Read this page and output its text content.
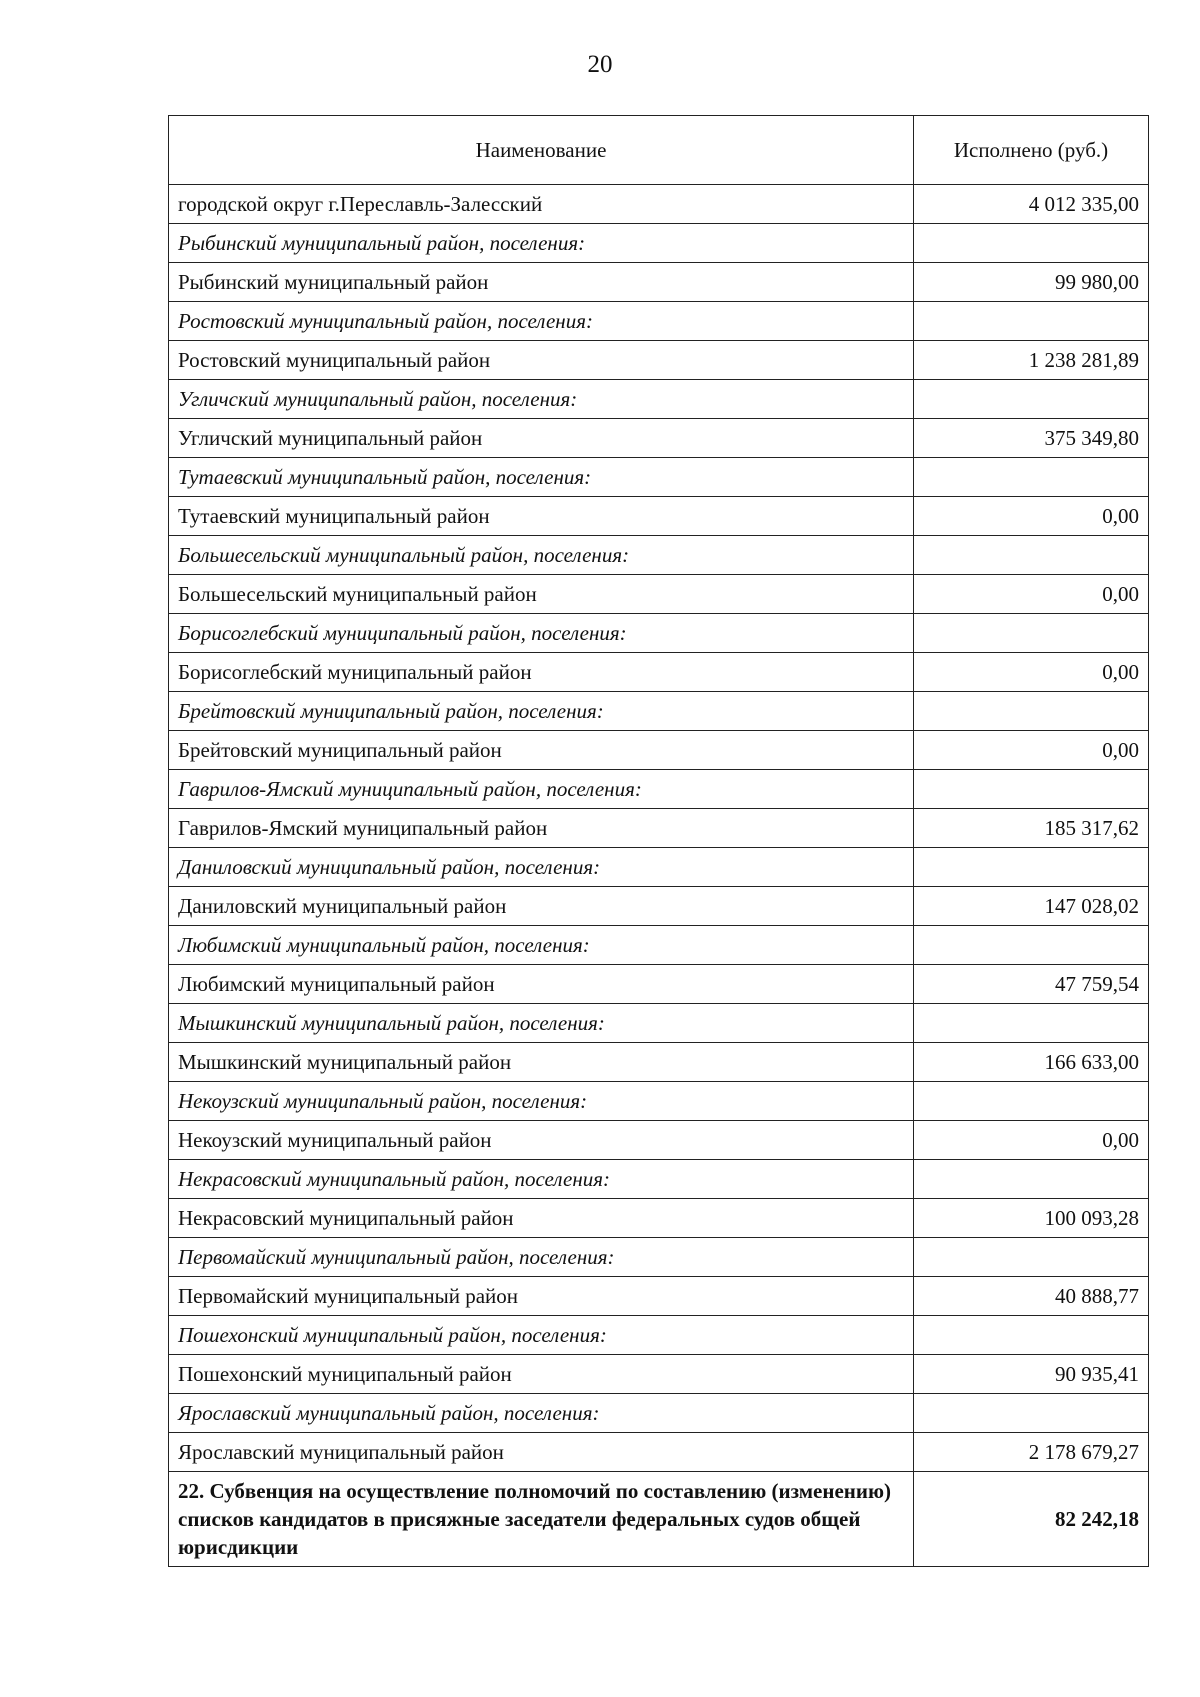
20
Наименование	Исполнено (руб.)
городской округ г.Переславль-Залесский	4 012 335,00
Рыбинский муниципальный район, поселения:	
Рыбинский муниципальный район	99 980,00
Ростовский муниципальный район, поселения:	
Ростовский муниципальный район	1 238 281,89
Угличский муниципальный район, поселения:	
Угличский муниципальный район	375 349,80
Тутаевский муниципальный район, поселения:	
Тутаевский муниципальный район	0,00
Большесельский муниципальный район, поселения:	
Большесельский муниципальный район	0,00
Борисоглебский муниципальный район, поселения:	
Борисоглебский муниципальный район	0,00
Брейтовский муниципальный район, поселения:	
Брейтовский муниципальный район	0,00
Гаврилов-Ямский муниципальный район, поселения:	
Гаврилов-Ямский муниципальный район	185 317,62
Даниловский муниципальный район, поселения:	
Даниловский муниципальный район	147 028,02
Любимский муниципальный район, поселения:	
Любимский муниципальный район	47 759,54
Мышкинский муниципальный район, поселения:	
Мышкинский муниципальный район	166 633,00
Некоузский муниципальный район, поселения:	
Некоузский муниципальный район	0,00
Некрасовский муниципальный район, поселения:	
Некрасовский муниципальный район	100 093,28
Первомайский муниципальный район, поселения:	
Первомайский муниципальный район	40 888,77
Пошехонский муниципальный район, поселения:	
Пошехонский муниципальный район	90 935,41
Ярославский муниципальный район, поселения:	
Ярославский муниципальный район	2 178 679,27
22. Субвенция на осуществление полномочий по составлению (изменению) списков кандидатов в присяжные заседатели федеральных судов общей юрисдикции	82 242,18
